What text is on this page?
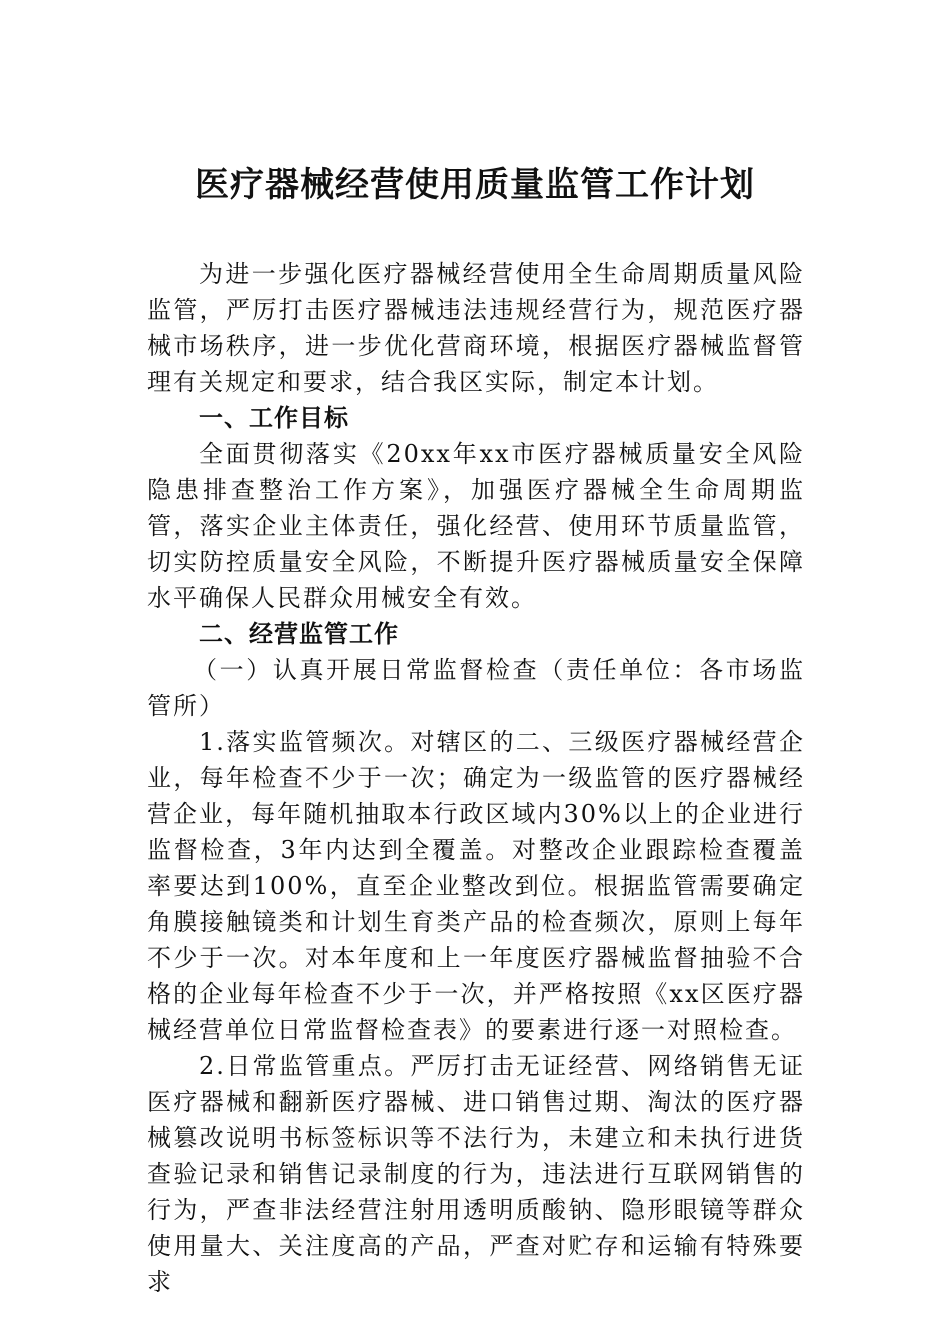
医疗器械经营使用质量监管工作计划

为进一步强化医疗器械经营使用全生命周期质量风险监管，严厉打击医疗器械违法违规经营行为，规范医疗器械市场秩序，进一步优化营商环境，根据医疗器械监督管理有关规定和要求，结合我区实际，制定本计划。

一、工作目标

全面贯彻落实《20xx年xx市医疗器械质量安全风险隐患排查整治工作方案》，加强医疗器械全生命周期监管，落实企业主体责任，强化经营、使用环节质量监管，切实防控质量安全风险，不断提升医疗器械质量安全保障水平确保人民群众用械安全有效。

二、经营监管工作

（一）认真开展日常监督检查（责任单位：各市场监管所）

1.落实监管频次。对辖区的二、三级医疗器械经营企业，每年检查不少于一次；确定为一级监管的医疗器械经营企业，每年随机抽取本行政区域内30%以上的企业进行监督检查，3年内达到全覆盖。对整改企业跟踪检查覆盖率要达到100%，直至企业整改到位。根据监管需要确定角膜接触镜类和计划生育类产品的检查频次，原则上每年不少于一次。对本年度和上一年度医疗器械监督抽验不合格的企业每年检查不少于一次，并严格按照《xx区医疗器械经营单位日常监督检查表》的要素进行逐一对照检查。

2.日常监管重点。严厉打击无证经营、网络销售无证医疗器械和翻新医疗器械、进口销售过期、淘汰的医疗器械篡改说明书标签标识等不法行为，未建立和未执行进货查验记录和销售记录制度的行为，违法进行互联网销售的行为，严查非法经营注射用透明质酸钠、隐形眼镜等群众使用量大、关注度高的产品，严查对贮存和运输有特殊要求
